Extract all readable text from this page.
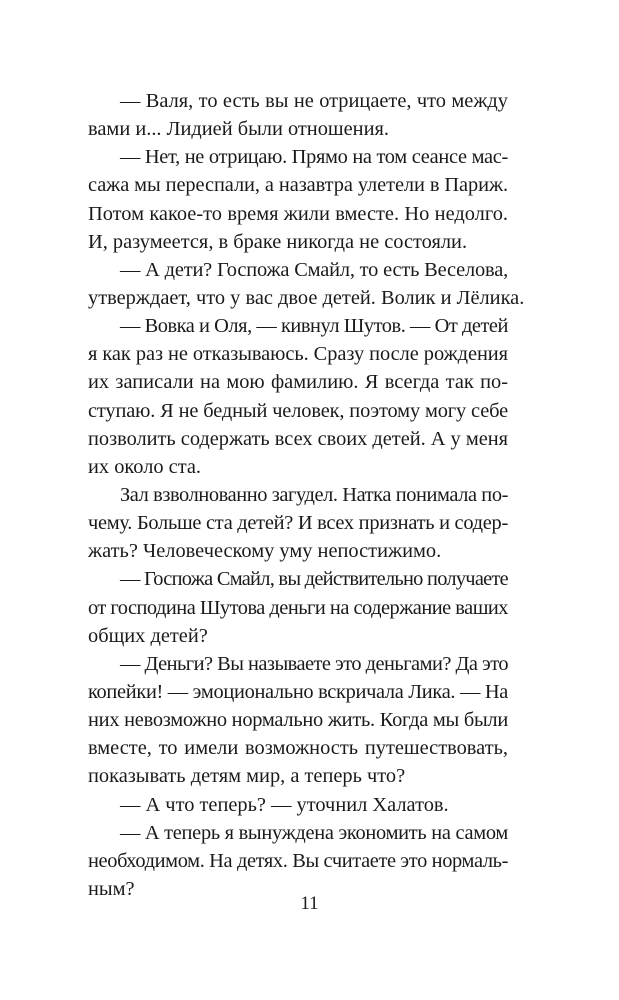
— Валя, то есть вы не отрицаете, что между
вами и... Лидией были отношения.
— Нет, не отрицаю. Прямо на том сеансе мас-
сажа мы переспали, а назавтра улетели в Париж.
Потом какое-то время жили вместе. Но недолго.
И, разумеется, в браке никогда не состояли.
— А дети? Госпожа Смайл, то есть Веселова,
утверждает, что у вас двое детей. Волик и Лёлика.
— Вовка и Оля, — кивнул Шутов. — От детей
я как раз не отказываюсь. Сразу после рождения
их записали на мою фамилию. Я всегда так по-
ступаю. Я не бедный человек, поэтому могу себе
позволить содержать всех своих детей. А у меня
их около ста.
Зал взволнованно загудел. Натка понимала по-
чему. Больше ста детей? И всех признать и содер-
жать? Человеческому уму непостижимо.
— Госпожа Смайл, вы действительно получаете
от господина Шутова деньги на содержание ваших
общих детей?
— Деньги? Вы называете это деньгами? Да это
копейки! — эмоционально вскричала Лика. — На
них невозможно нормально жить. Когда мы были
вместе, то имели возможность путешествовать,
показывать детям мир, а теперь что?
— А что теперь? — уточнил Халатов.
— А теперь я вынуждена экономить на самом
необходимом. На детях. Вы считаете это нормаль-
ным?
11
